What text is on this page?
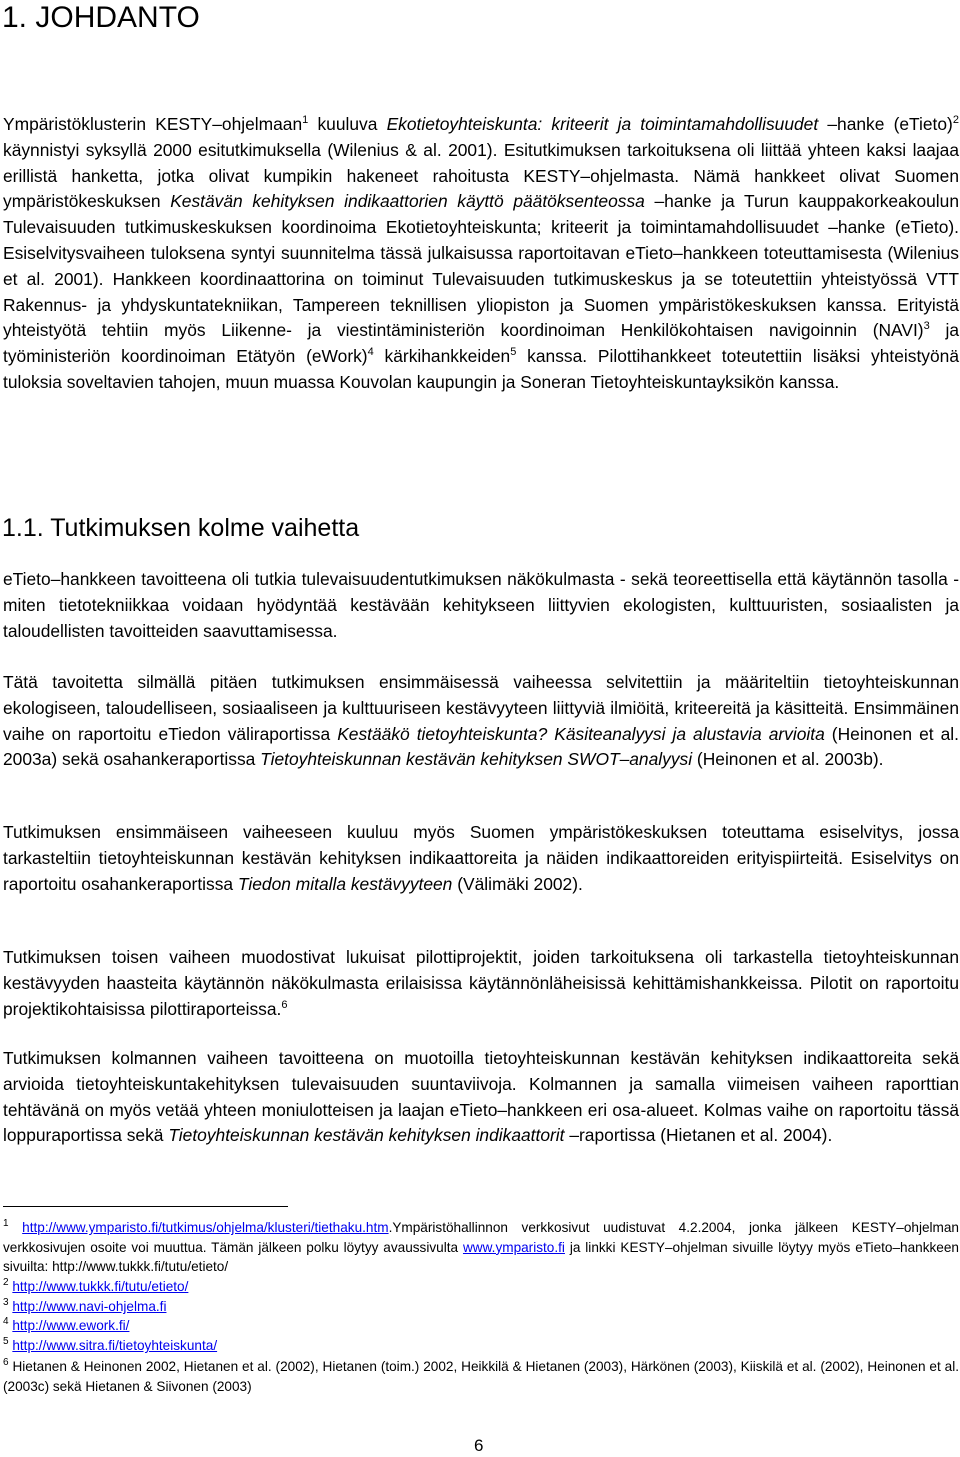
1. JOHDANTO

Ympäristöklusterin KESTY–ohjelmaan$^1$ kuuluva Ekotietoyhteiskunta: kriteerit ja toimintamahdollisuudet –hanke (eTieto)$^2$ käynnistyi syksyllä 2000 esitutkimuksella (Wilenius & al. 2001). Esitutkimuksen tarkoituksena oli liittää yhteen kaksi laajaa erillistä hanketta, jotka olivat kumpikin hakeneet rahoitusta KESTY–ohjelmasta. Nämä hankkeet olivat Suomen ympäristökeskuksen Kestävän kehityksen indikaattorien käyttö päätöksenteossa –hanke ja Turun kauppakorkeakoulun Tulevaisuuden tutkimuskeskuksen koordinoima Ekotietoyhteiskunta; kriteerit ja toimintamahdollisuudet –hanke (eTieto). Esiselvitysvaiheen tuloksena syntyi suunnitelma tässä julkaisussa raportoitavan eTieto–hankkeen toteuttamisesta (Wilenius et al. 2001). Hankkeen koordinaattorina on toiminut Tulevaisuuden tutkimuskeskus ja se toteutettiin yhteistyössä VTT Rakennus- ja yhdyskuntatekniikan, Tampereen teknillisen yliopiston ja Suomen ympäristökeskuksen kanssa. Erityistä yhteistyötä tehtiin myös Liikenne- ja viestintäministeriön koordinoiman Henkilökohtaisen navigoinnin (NAVI)$^3$ ja työministeriön koordinoiman Etätyön (eWork)$^4$ kärkihankkeiden$^5$ kanssa. Pilottihankkeet toteutettiin lisäksi yhteistyönä tuloksia soveltavien tahojen, muun muassa Kouvolan kaupungin ja Soneran Tietoyhteiskuntayksikön kanssa.

1.1. Tutkimuksen kolme vaihetta

eTieto–hankkeen tavoitteena oli tutkia tulevaisuudentutkimuksen näkökulmasta - sekä teoreettisella että käytännön tasolla - miten tietotekniikkaa voidaan hyödyntää kestävään kehitykseen liittyvien ekologisten, kulttuuristen, sosiaalisten ja taloudellisten tavoitteiden saavuttamisessa.

Tätä tavoitetta silmällä pitäen tutkimuksen ensimmäisessä vaiheessa selvitettiin ja määriteltiin tietoyhteiskunnan ekologiseen, taloudelliseen, sosiaaliseen ja kulttuuriseen kestävyyteen liittyviä ilmiöitä, kriteereitä ja käsitteitä. Ensimmäinen vaihe on raportoitu eTiedon väliraportissa Kestääkö tietoyhteiskunta? Käsiteanalyysi ja alustavia arvioita (Heinonen et al. 2003a) sekä osahankeraportissa Tietoyhteiskunnan kestävän kehityksen SWOT–analyysi (Heinonen et al. 2003b).

Tutkimuksen ensimmäiseen vaiheeseen kuuluu myös Suomen ympäristökeskuksen toteuttama esiselvitys, jossa tarkasteltiin tietoyhteiskunnan kestävän kehityksen indikaattoreita ja näiden indikaattoreiden erityispiirteitä. Esiselvitys on raportoitu osahankeraportissa Tiedon mitalla kestävyyteen (Välimäki 2002).

Tutkimuksen toisen vaiheen muodostivat lukuisat pilottiprojektit, joiden tarkoituksena oli tarkastella tietoyhteiskunnan kestävyyden haasteita käytännön näkökulmasta erilaisissa käytännönläheisissä kehittämishankkeissa. Pilotit on raportoitu projektikohtaisissa pilottiraporteissa.$^6$

Tutkimuksen kolmannen vaiheen tavoitteena on muotoilla tietoyhteiskunnan kestävän kehityksen indikaattoreita sekä arvioida tietoyhteiskuntakehityksen tulevaisuuden suuntaviivoja. Kolmannen ja samalla viimeisen vaiheen raporttian tehtävänä on myös vetää yhteen moniulotteisen ja laajan eTieto–hankkeen eri osa-alueet. Kolmas vaihe on raportoitu tässä loppuraportissa sekä Tietoyhteiskunnan kestävän kehityksen indikaattorit –raportissa (Hietanen et al. 2004).

$^1$ http://www.ymparisto.fi/tutkimus/ohjelma/klusteri/tiethaku.htm.Ympäristöhallinnon verkkosivut uudistuvat 4.2.2004, jonka jälkeen KESTY–ohjelman verkkosivujen osoite voi muuttua. Tämän jälkeen polku löytyy avaussivulta www.ymparisto.fi ja linkki KESTY–ohjelman sivuille löytyy myös eTieto–hankkeen sivuilta: http://www.tukkk.fi/tutu/etieto/

$^2$ http://www.tukkk.fi/tutu/etieto/

$^3$ http://www.navi-ohjelma.fi

$^4$ http://www.ework.fi/

$^5$ http://www.sitra.fi/tietoyhteiskunta/

$^6$ Hietanen & Heinonen 2002, Hietanen et al. (2002), Hietanen (toim.) 2002, Heikkilä & Hietanen (2003), Härkönen (2003), Kiiskilä et al. (2002), Heinonen et al. (2003c) sekä Hietanen & Siivonen (2003)

6
